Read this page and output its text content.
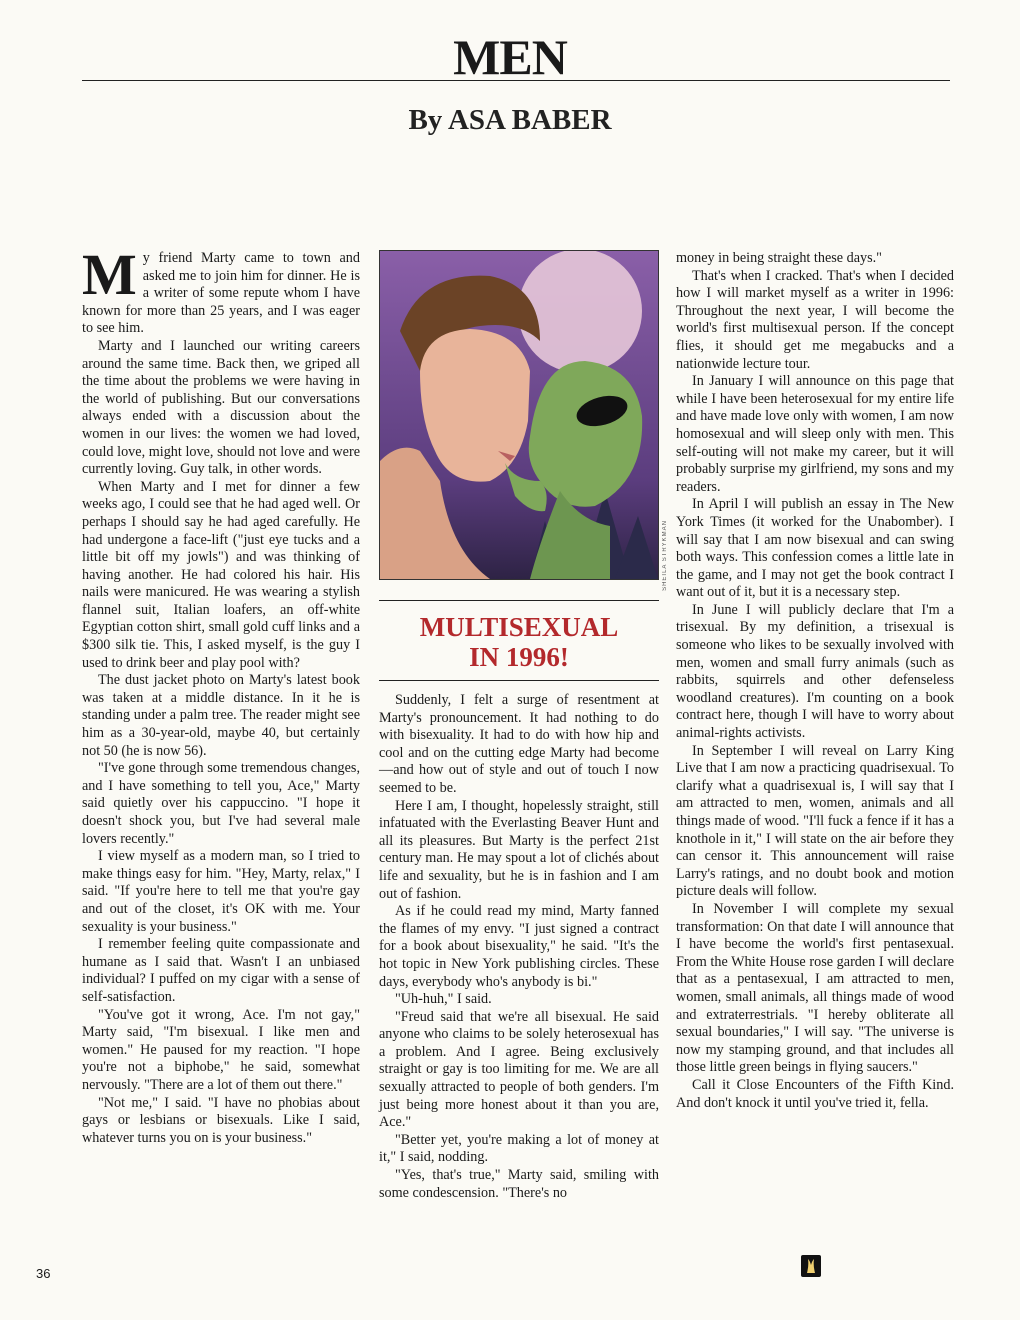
MEN
By ASA BABER

My friend Marty came to town and asked me to join him for dinner. He is a writer of some repute whom I have known for more than 25 years, and I was eager to see him.

Marty and I launched our writing careers around the same time. Back then, we griped all the time about the problems we were having in the world of publishing. But our conversations always ended with a discussion about the women in our lives: the women we had loved, could love, might love, should not love and were currently loving. Guy talk, in other words.

When Marty and I met for dinner a few weeks ago, I could see that he had aged well. Or perhaps I should say he had aged carefully. He had undergone a face-lift ("just eye tucks and a little bit off my jowls") and was thinking of having another. He had colored his hair. His nails were manicured. He was wearing a stylish flannel suit, Italian loafers, an off-white Egyptian cotton shirt, small gold cuff links and a $300 silk tie. This, I asked myself, is the guy I used to drink beer and play pool with?

The dust jacket photo on Marty's latest book was taken at a middle distance. In it he is standing under a palm tree. The reader might see him as a 30-year-old, maybe 40, but certainly not 50 (he is now 56).

"I've gone through some tremendous changes, and I have something to tell you, Ace," Marty said quietly over his cappuccino. "I hope it doesn't shock you, but I've had several male lovers recently."

I view myself as a modern man, so I tried to make things easy for him. "Hey, Marty, relax," I said. "If you're here to tell me that you're gay and out of the closet, it's OK with me. Your sexuality is your business."

I remember feeling quite compassionate and humane as I said that. Wasn't I an unbiased individual? I puffed on my cigar with a sense of self-satisfaction.

"You've got it wrong, Ace. I'm not gay," Marty said, "I'm bisexual. I like men and women." He paused for my reaction. "I hope you're not a biphobe," he said, somewhat nervously. "There are a lot of them out there."

"Not me," I said. "I have no phobias about gays or lesbians or bisexuals. Like I said, whatever turns you on is your business."

SHEILA STRYKMAN
MULTISEXUAL
IN 1996!

Suddenly, I felt a surge of resentment at Marty's pronouncement. It had nothing to do with bisexuality. It had to do with how hip and cool and on the cutting edge Marty had become—and how out of style and out of touch I now seemed to be.

Here I am, I thought, hopelessly straight, still infatuated with the Everlasting Beaver Hunt and all its pleasures. But Marty is the perfect 21st century man. He may spout a lot of clichés about life and sexuality, but he is in fashion and I am out of fashion.

As if he could read my mind, Marty fanned the flames of my envy. "I just signed a contract for a book about bisexuality," he said. "It's the hot topic in New York publishing circles. These days, everybody who's anybody is bi."

"Uh-huh," I said.

"Freud said that we're all bisexual. He said anyone who claims to be solely heterosexual has a problem. And I agree. Being exclusively straight or gay is too limiting for me. We are all sexually attracted to people of both genders. I'm just being more honest about it than you are, Ace."

"Better yet, you're making a lot of money at it," I said, nodding.

"Yes, that's true," Marty said, smiling with some condescension. "There's no

money in being straight these days."

That's when I cracked. That's when I decided how I will market myself as a writer in 1996: Throughout the next year, I will become the world's first multisexual person. If the concept flies, it should get me megabucks and a nationwide lecture tour.

In January I will announce on this page that while I have been heterosexual for my entire life and have made love only with women, I am now homosexual and will sleep only with men. This self-outing will not make my career, but it will probably surprise my girlfriend, my sons and my readers.

In April I will publish an essay in The New York Times (it worked for the Unabomber). I will say that I am now bisexual and can swing both ways. This confession comes a little late in the game, and I may not get the book contract I want out of it, but it is a necessary step.

In June I will publicly declare that I'm a trisexual. By my definition, a trisexual is someone who likes to be sexually involved with men, women and small furry animals (such as rabbits, squirrels and other defenseless woodland creatures). I'm counting on a book contract here, though I will have to worry about animal-rights activists.

In September I will reveal on Larry King Live that I am now a practicing quadrisexual. To clarify what a quadrisexual is, I will say that I am attracted to men, women, animals and all things made of wood. "I'll fuck a fence if it has a knothole in it," I will state on the air before they can censor it. This announcement will raise Larry's ratings, and no doubt book and motion picture deals will follow.

In November I will complete my sexual transformation: On that date I will announce that I have become the world's first pentasexual. From the White House rose garden I will declare that as a pentasexual, I am attracted to men, women, small animals, all things made of wood and extraterrestrials. "I hereby obliterate all sexual boundaries," I will say. "The universe is now my stamping ground, and that includes all those little green beings in flying saucers."

Call it Close Encounters of the Fifth Kind. And don't knock it until you've tried it, fella.

36
